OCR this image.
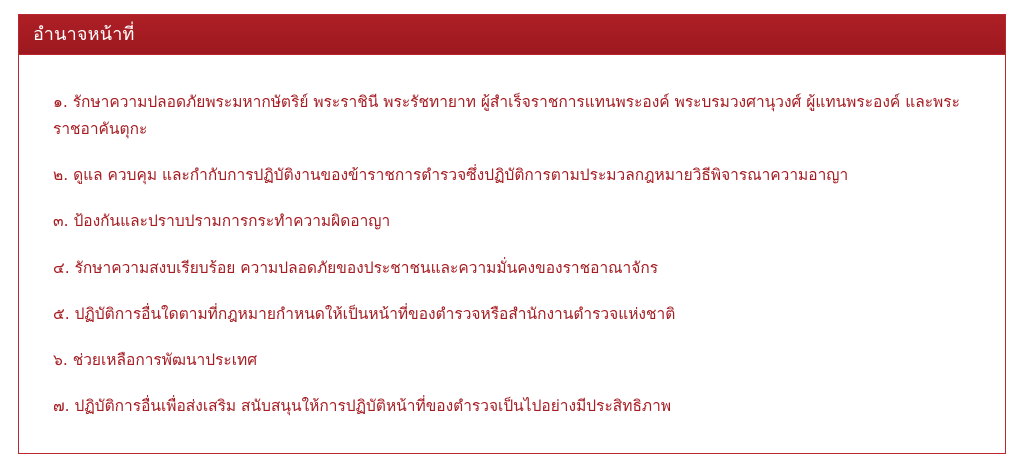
อำนาจหน้าที่
๑. รักษาความปลอดภัยพระมหากษัตริย์ พระราชินี พระรัชทายาท ผู้สำเร็จราชการแทนพระองค์ พระบรมวงศานุวงศ์ ผู้แทนพระองค์ และพระราชอาคันตุกะ
๒. ดูแล ควบคุม และกำกับการปฏิบัติงานของข้าราชการตำรวจซึ่งปฏิบัติการตามประมวลกฎหมายวิธีพิจารณาความอาญา
๓. ป้องกันและปราบปรามการกระทำความผิดอาญา
๔. รักษาความสงบเรียบร้อย ความปลอดภัยของประชาชนและความมั่นคงของราชอาณาจักร
๕. ปฏิบัติการอื่นใดตามที่กฎหมายกำหนดให้เป็นหน้าที่ของตำรวจหรือสำนักงานตำรวจแห่งชาติ
๖. ช่วยเหลือการพัฒนาประเทศ
๗. ปฏิบัติการอื่นเพื่อส่งเสริม สนับสนุนให้การปฏิบัติหน้าที่ของตำรวจเป็นไปอย่างมีประสิทธิภาพ
